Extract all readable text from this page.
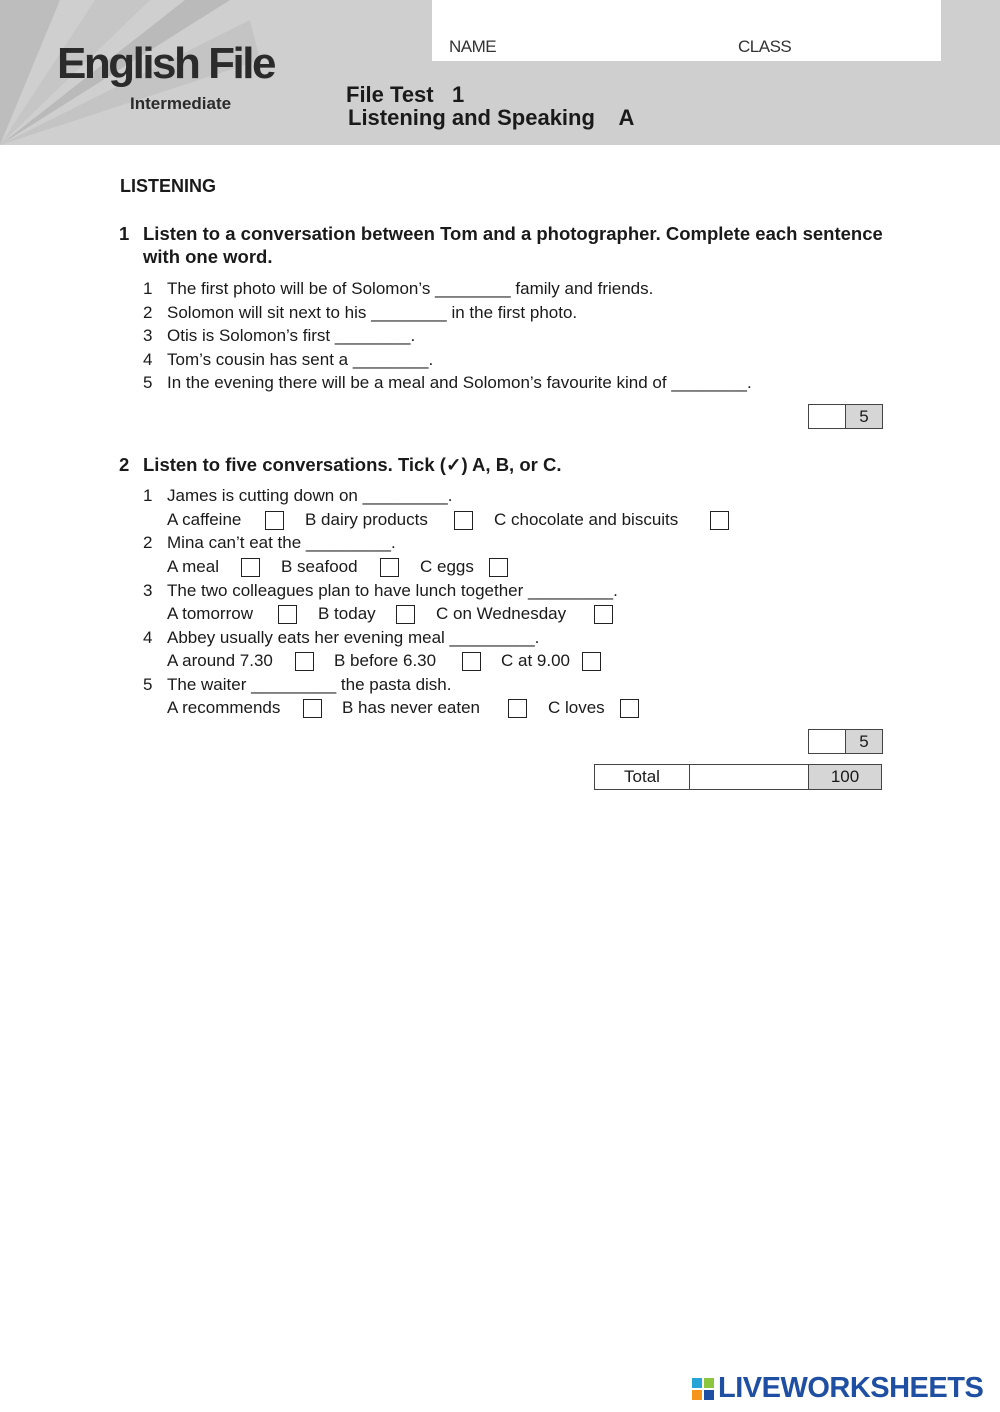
English File
Intermediate
NAME	CLASS
File Test   1
Listening and Speaking    A
LISTENING
1 Listen to a conversation between Tom and a photographer. Complete each sentence with one word.
1 The first photo will be of Solomon’s ________ family and friends.
2 Solomon will sit next to his ________ in the first photo.
3 Otis is Solomon’s first ________.
4 Tom’s cousin has sent a ________.
5 In the evening there will be a meal and Solomon’s favourite kind of ________.
5
2 Listen to five conversations. Tick (✓) A, B, or C.
1 James is cutting down on _________.
A caffeine	B dairy products	C chocolate and biscuits
2 Mina can’t eat the _________.
A meal	B seafood	C eggs
3 The two colleagues plan to have lunch together _________.
A tomorrow	B today	C on Wednesday
4 Abbey usually eats her evening meal _________.
A around 7.30	B before 6.30	C at 9.00
5 The waiter _________ the pasta dish.
A recommends	B has never eaten	C loves
5
Total	100
LIVEWORKSHEETS
